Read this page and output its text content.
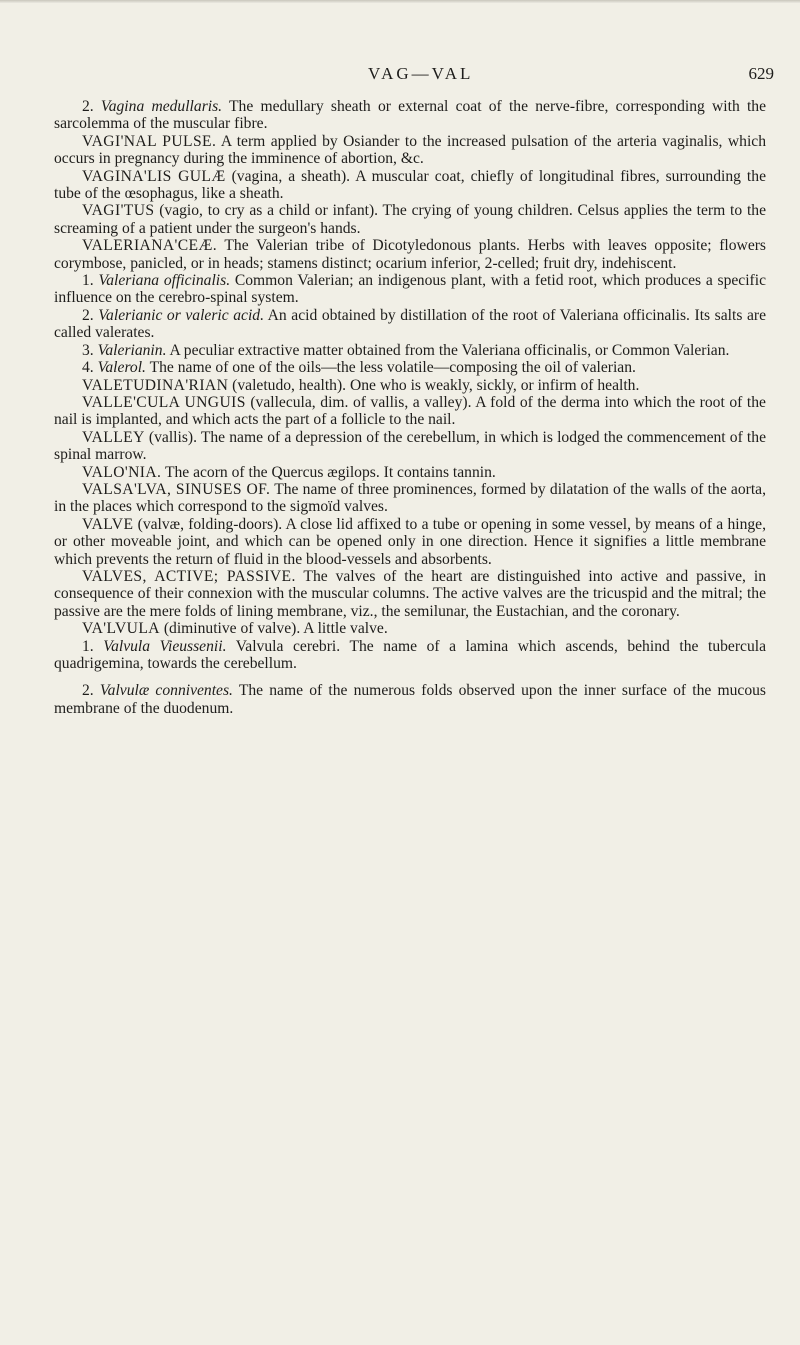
VAG—VAL	629

2. Vagina medullaris. The medullary sheath or external coat of the nerve-fibre, corresponding with the sarcolemma of the muscular fibre.

VAGI'NAL PULSE. A term applied by Osiander to the increased pulsation of the arteria vaginalis, which occurs in pregnancy during the imminence of abortion, &c.

VAGINA'LIS GULÆ (vagina, a sheath). A muscular coat, chiefly of longitudinal fibres, surrounding the tube of the œsophagus, like a sheath.

VAGI'TUS (vagio, to cry as a child or infant). The crying of young children. Celsus applies the term to the screaming of a patient under the surgeon's hands.

VALERIANA'CEÆ. The Valerian tribe of Dicotyledonous plants. Herbs with leaves opposite; flowers corymbose, panicled, or in heads; stamens distinct; ocarium inferior, 2-celled; fruit dry, indehiscent.

1. Valeriana officinalis. Common Valerian; an indigenous plant, with a fetid root, which produces a specific influence on the cerebro-spinal system.

2. Valerianic or valeric acid. An acid obtained by distillation of the root of Valeriana officinalis. Its salts are called valerates.

3. Valerianin. A peculiar extractive matter obtained from the Valeriana officinalis, or Common Valerian.

4. Valerol. The name of one of the oils—the less volatile—composing the oil of valerian.

VALETUDINA'RIAN (valetudo, health). One who is weakly, sickly, or infirm of health.

VALLE'CULA UNGUIS (vallecula, dim. of vallis, a valley). A fold of the derma into which the root of the nail is implanted, and which acts the part of a follicle to the nail.

VALLEY (vallis). The name of a depression of the cerebellum, in which is lodged the commencement of the spinal marrow.

VALO'NIA. The acorn of the Quercus ægilops. It contains tannin.

VALSA'LVA, SINUSES OF. The name of three prominences, formed by dilatation of the walls of the aorta, in the places which correspond to the sigmoïd valves.

VALVE (valvæ, folding-doors). A close lid affixed to a tube or opening in some vessel, by means of a hinge, or other moveable joint, and which can be opened only in one direction. Hence it signifies a little membrane which prevents the return of fluid in the blood-vessels and absorbents.

VALVES, ACTIVE; PASSIVE. The valves of the heart are distinguished into active and passive, in consequence of their connexion with the muscular columns. The active valves are the tricuspid and the mitral; the passive are the mere folds of lining membrane, viz., the semilunar, the Eustachian, and the coronary.

VA'LVULA (diminutive of valve). A little valve.

1. Valvula Vieussenii. Valvula cerebri. The name of a lamina which ascends, behind the tubercula quadrigemina, towards the cerebellum.

2. Valvulæ conniventes. The name of the numerous folds observed upon the inner surface of the mucous membrane of the duodenum.
